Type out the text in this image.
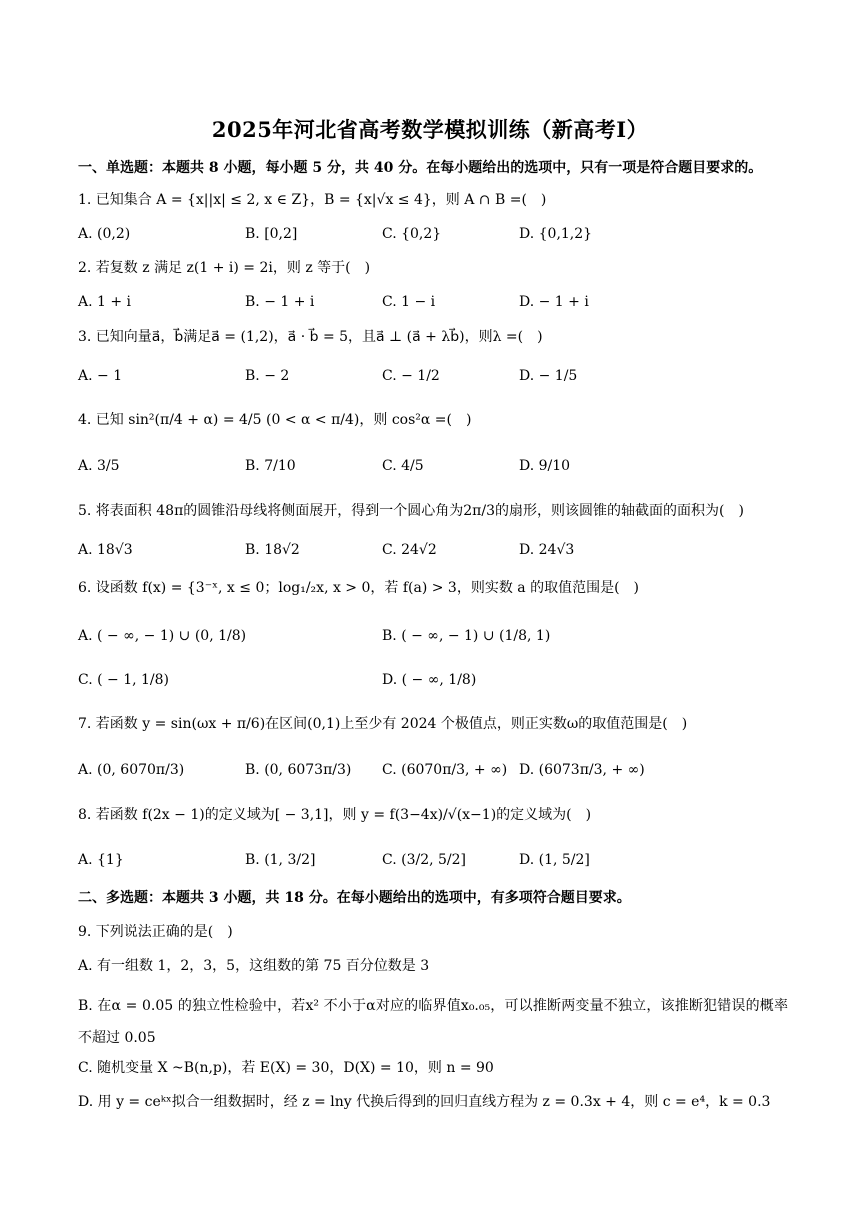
2025年河北省高考数学模拟训练（新高考Ⅰ）
一、单选题：本题共 8 小题，每小题 5 分，共 40 分。在每小题给出的选项中，只有一项是符合题目要求的。
1. 已知集合 A = {x||x| ≤ 2, x ∈ Z}，B = {x|√x ≤ 4}，则 A ∩ B =(　)
A. (0,2)	B. [0,2]	C. {0,2}	D. {0,1,2}
2. 若复数 z 满足 z(1 + i) = 2i，则 z 等于(　)
A. 1 + i	B. − 1 + i	C. 1 − i	D. − 1 + i
3. 已知向量a⃗，b⃗满足a⃗ = (1,2)，a⃗ · b⃗ = 5，且a⃗ ⊥ (a⃗ + λb⃗)，则λ =(　)
A. − 1	B. − 2	C. − 1/2	D. − 1/5
4. 已知 sin²(π/4 + α) = 4/5 (0 < α < π/4)，则 cos²α =(　)
A. 3/5	B. 7/10	C. 4/5	D. 9/10
5. 将表面积 48π的圆锥沿母线将侧面展开，得到一个圆心角为2π/3的扇形，则该圆锥的轴截面的面积为(　)
A. 18√3	B. 18√2	C. 24√2	D. 24√3
6. 设函数 f(x) = {3⁻ˣ, x ≤ 0；log₁/₂x, x > 0，若 f(a) > 3，则实数 a 的取值范围是(　)
A. ( − ∞, − 1) ∪ (0, 1/8)	B. ( − ∞, − 1) ∪ (1/8, 1)
C. ( − 1, 1/8)	D. ( − ∞, 1/8)
7. 若函数 y = sin(ωx + π/6)在区间(0,1)上至少有 2024 个极值点，则正实数ω的取值范围是(　)
A. (0, 6070π/3)	B. (0, 6073π/3) C. (6070π/3, + ∞) D. (6073π/3, + ∞)
8. 若函数 f(2x − 1)的定义域为[ − 3,1]，则 y = f(3−4x)/√(x−1)的定义域为(　)
A. {1}	B. (1, 3/2]	C. (3/2, 5/2]	D. (1, 5/2]
二、多选题：本题共 3 小题，共 18 分。在每小题给出的选项中，有多项符合题目要求。
9. 下列说法正确的是(　)
A. 有一组数 1，2，3，5，这组数的第 75 百分位数是 3
B. 在α = 0.05 的独立性检验中，若x² 不小于α对应的临界值x₀.₀₅，可以推断两变量不独立，该推断犯错误的概率不超过 0.05
C. 随机变量 X ~B(n,p)，若 E(X) = 30，D(X) = 10，则 n = 90
D. 用 y = ceᵏˣ拟合一组数据时，经 z = lny 代换后得到的回归直线方程为 z = 0.3x + 4，则 c = e⁴，k = 0.3
